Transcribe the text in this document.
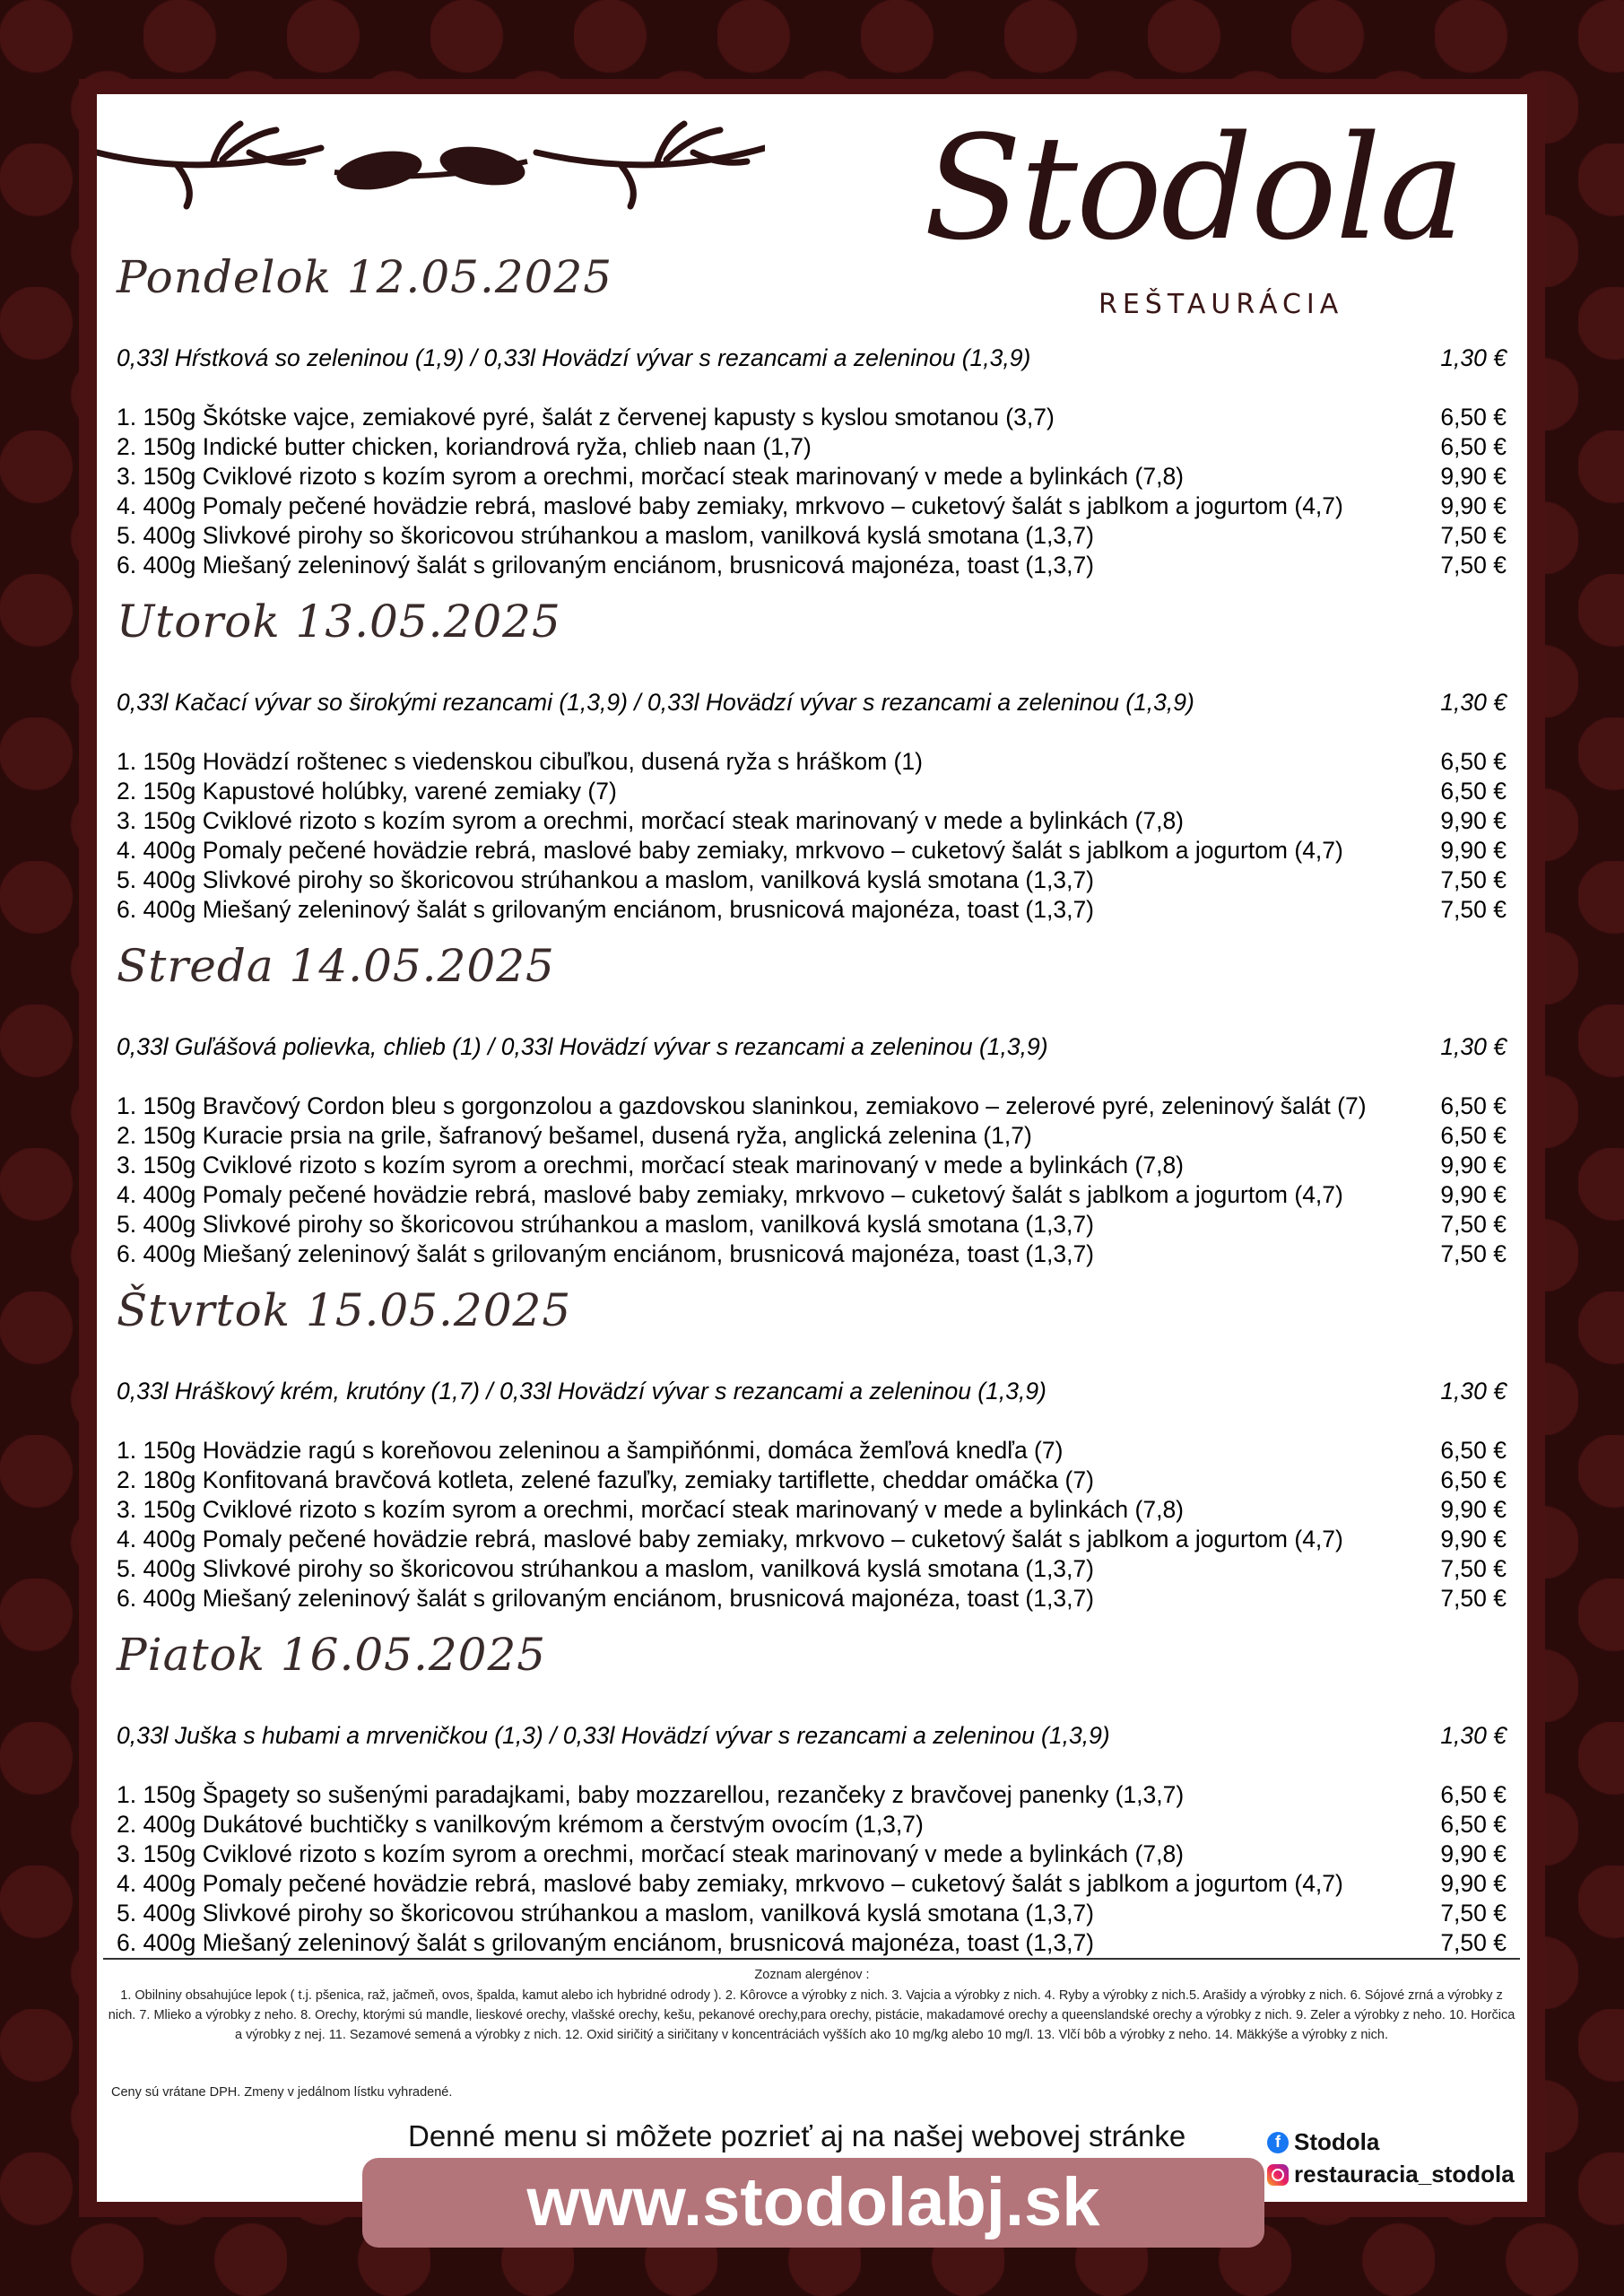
Stodola
REŠTAURÁCIA
Pondelok 12.05.2025
0,33l Hŕstková so zeleninou (1,9) / 0,33l Hovädzí vývar s rezancami a zeleninou (1,3,9)	1,30 €
1. 150g Škótske vajce, zemiakové pyré, šalát z červenej kapusty s kyslou smotanou (3,7)	6,50 €
2. 150g Indické butter chicken, koriandrová ryža, chlieb naan (1,7)	6,50 €
3. 150g Cviklové rizoto s kozím syrom a orechmi, morčací steak marinovaný v mede a bylinkách (7,8)	9,90 €
4. 400g Pomaly pečené hovädzie rebrá, maslové baby zemiaky, mrkvovo – cuketový šalát s jablkom a jogurtom (4,7)	9,90 €
5. 400g Slivkové pirohy so škoricovou strúhankou a maslom, vanilková kyslá smotana (1,3,7)	7,50 €
6. 400g Miešaný zeleninový šalát s grilovaným enciánom, brusnicová majonéza, toast (1,3,7)	7,50 €
Utorok 13.05.2025
0,33l Kačací vývar so širokými rezancami (1,3,9) / 0,33l Hovädzí vývar s rezancami a zeleninou (1,3,9)	1,30 €
1. 150g Hovädzí roštenec s viedenskou cibuľkou, dusená ryža s hráškom (1)	6,50 €
2. 150g Kapustové holúbky, varené zemiaky (7)	6,50 €
3. 150g Cviklové rizoto s kozím syrom a orechmi, morčací steak marinovaný v mede a bylinkách (7,8)	9,90 €
4. 400g Pomaly pečené hovädzie rebrá, maslové baby zemiaky, mrkvovo – cuketový šalát s jablkom a jogurtom (4,7)	9,90 €
5. 400g Slivkové pirohy so škoricovou strúhankou a maslom, vanilková kyslá smotana (1,3,7)	7,50 €
6. 400g Miešaný zeleninový šalát s grilovaným enciánom, brusnicová majonéza, toast (1,3,7)	7,50 €
Streda 14.05.2025
0,33l Guľášová polievka, chlieb (1) / 0,33l Hovädzí vývar s rezancami a zeleninou (1,3,9)	1,30 €
1. 150g Bravčový Cordon bleu s gorgonzolou a gazdovskou slaninkou, zemiakovo – zelerové pyré, zeleninový šalát (7)	6,50 €
2. 150g Kuracie prsia na grile, šafranový bešamel, dusená ryža, anglická zelenina (1,7)	6,50 €
3. 150g Cviklové rizoto s kozím syrom a orechmi, morčací steak marinovaný v mede a bylinkách (7,8)	9,90 €
4. 400g Pomaly pečené hovädzie rebrá, maslové baby zemiaky, mrkvovo – cuketový šalát s jablkom a jogurtom (4,7)	9,90 €
5. 400g Slivkové pirohy so škoricovou strúhankou a maslom, vanilková kyslá smotana (1,3,7)	7,50 €
6. 400g Miešaný zeleninový šalát s grilovaným enciánom, brusnicová majonéza, toast (1,3,7)	7,50 €
Štvrtok 15.05.2025
0,33l Hráškový krém, krutóny (1,7) / 0,33l Hovädzí vývar s rezancami a zeleninou (1,3,9)	1,30 €
1. 150g Hovädzie ragú s koreňovou zeleninou a šampiňónmi, domáca žemľová knedľa (7)	6,50 €
2. 180g Konfitovaná bravčová kotleta, zelené fazuľky, zemiaky tartiflette, cheddar omáčka (7)	6,50 €
3. 150g Cviklové rizoto s kozím syrom a orechmi, morčací steak marinovaný v mede a bylinkách (7,8)	9,90 €
4. 400g Pomaly pečené hovädzie rebrá, maslové baby zemiaky, mrkvovo – cuketový šalát s jablkom a jogurtom (4,7)	9,90 €
5. 400g Slivkové pirohy so škoricovou strúhankou a maslom, vanilková kyslá smotana (1,3,7)	7,50 €
6. 400g Miešaný zeleninový šalát s grilovaným enciánom, brusnicová majonéza, toast (1,3,7)	7,50 €
Piatok 16.05.2025
0,33l Juška s hubami a mrveničkou (1,3) / 0,33l Hovädzí vývar s rezancami a zeleninou (1,3,9)	1,30 €
1. 150g Špagety so sušenými paradajkami, baby mozzarellou, rezančeky z bravčovej panenky (1,3,7)	6,50 €
2. 400g Dukátové buchtičky s vanilkovým krémom a čerstvým ovocím (1,3,7)	6,50 €
3. 150g Cviklové rizoto s kozím syrom a orechmi, morčací steak marinovaný v mede a bylinkách (7,8)	9,90 €
4. 400g Pomaly pečené hovädzie rebrá, maslové baby zemiaky, mrkvovo – cuketový šalát s jablkom a jogurtom (4,7)	9,90 €
5. 400g Slivkové pirohy so škoricovou strúhankou a maslom, vanilková kyslá smotana (1,3,7)	7,50 €
6. 400g Miešaný zeleninový šalát s grilovaným enciánom, brusnicová majonéza, toast (1,3,7)	7,50 €
Zoznam alergénov :
1. Obilniny obsahujúce lepok ( t.j. pšenica, raž, jačmeň, ovos, špalda, kamut alebo ich hybridné odrody ). 2. Kôrovce a výrobky z nich. 3. Vajcia a výrobky z nich. 4. Ryby a výrobky z nich.5. Arašidy a výrobky z nich. 6. Sójové zrná a výrobky z nich. 7. Mlieko a výrobky z neho. 8. Orechy, ktorými sú mandle, lieskové orechy, vlašské orechy, kešu, pekanové orechy,para orechy, pistácie, makadamové orechy a queenslandské orechy a výrobky z nich. 9. Zeler a výrobky z neho. 10. Horčica a výrobky z nej. 11. Sezamové semená a výrobky z nich. 12. Oxid siričitý a siričitany v koncentráciách vyšších ako 10 mg/kg alebo 10 mg/l. 13. Vlčí bôb a výrobky z neho. 14. Mäkkýše a výrobky z nich.
Ceny sú vrátane DPH. Zmeny v jedálnom lístku vyhradené.
Denné menu si môžete pozrieť aj na našej webovej stránke	f Stodola
restauracia_stodola
www.stodolabj.sk
